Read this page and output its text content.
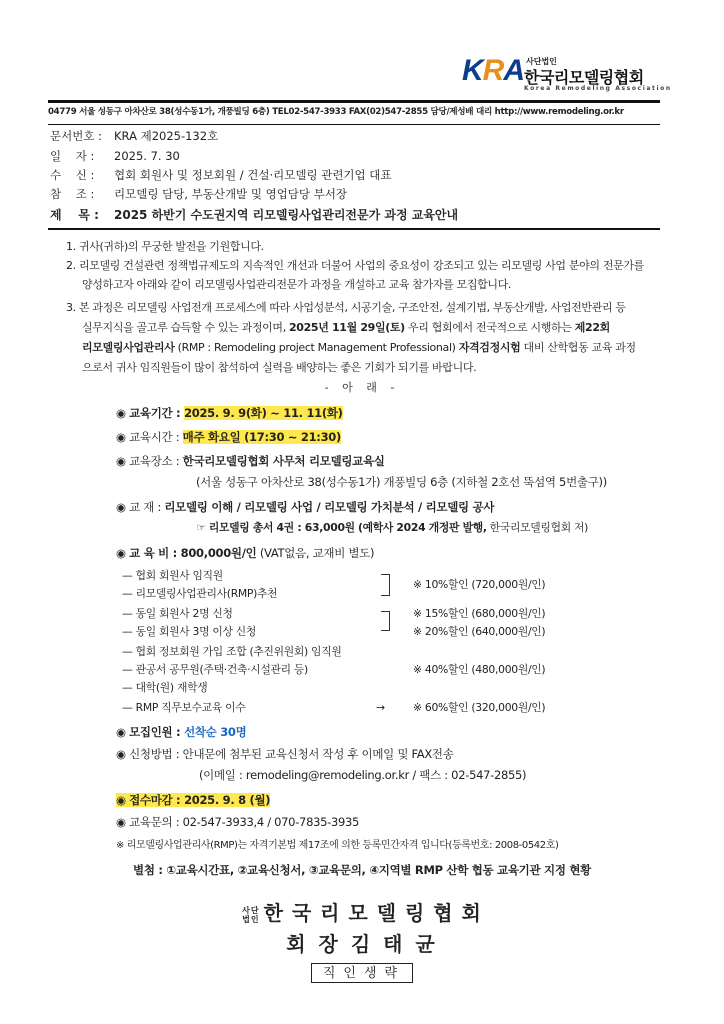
KRA 사단법인
한국리모델링협회
Korea Remodeling Association
04779 서울 성동구 아차산로 38(성수동1가, 개풍빌딩 6층) TEL02-547-3933 FAX(02)547-2855 담당/제성배 대리 http://www.remodeling.or.kr
문서번호 : KRA 제2025-132호
일    자 : 2025. 7. 30
수    신 : 협회 회원사 및 정보회원 / 건설·리모델링 관련기업 대표
참    조 : 리모델링 담당, 부동산개발 및 영업담당 부서장
제    목 : 2025 하반기 수도권지역 리모델링사업관리전문가 과정 교육안내
1. 귀사(귀하)의 무궁한 발전을 기원합니다.
2. 리모델링 건설관련 정책법규제도의 지속적인 개선과 더불어 사업의 중요성이 강조되고 있는 리모델링 사업 분야의 전문가를
양성하고자 아래와 같이 리모델링사업관리전문가 과정을 개설하고 교육 참가자를 모집합니다.
3. 본 과정은 리모델링 사업전개 프로세스에 따라 사업성분석, 시공기술, 구조안전, 설계기법, 부동산개발, 사업전반관리 등
실무지식을 골고루 습득할 수 있는 과정이며, 2025년 11월 29일(토) 우리 협회에서 전국적으로 시행하는 제22회
리모델링사업관리사 (RMP : Remodeling project Management Professional) 자격검정시험 대비 산학협동 교육 과정
으로서 귀사 임직원들이 많이 참석하여 실력을 배양하는 좋은 기회가 되기를 바랍니다.
- 아 래 -
◉ 교육기간 : 2025. 9. 9(화) ~ 11. 11(화)
◉ 교육시간 : 매주 화요일 (17:30 ~ 21:30)
◉ 교육장소 : 한국리모델링협회 사무처 리모델링교육실
(서울 성동구 아차산로 38(성수동1가) 개풍빌딩 6층 (지하철 2호선 뚝섬역 5번출구))
◉ 교 재 : 리모델링 이해 / 리모델링 사업 / 리모델링 가치분석 / 리모델링 공사
☞ 리모델링 총서 4권 : 63,000원 (예학사 2024 개정판 발행, 한국리모델링협회 저)
◉ 교 육 비 : 800,000원/인 (VAT없음, 교재비 별도)
— 협회 회원사 임직원
— 리모델링사업관리사(RMP)추천
※ 10%할인 (720,000원/인)
— 동일 회원사 2명 신청
— 동일 회원사 3명 이상 신청
※ 15%할인 (680,000원/인)
※ 20%할인 (640,000원/인)
— 협회 정보회원 가입 조합 (추진위원회) 임직원
— 관공서 공무원(주택·건축·시설관리 등)
— 대학(원) 재학생
※ 40%할인 (480,000원/인)
— RMP 직무보수교육 이수	→	※ 60%할인 (320,000원/인)
◉ 모집인원 : 선착순 30명
◉ 신청방법 : 안내문에 첨부된 교육신청서 작성 후 이메일 및 FAX전송
(이메일 : remodeling@remodeling.or.kr / 팩스 : 02-547-2855)
◉ 접수마감 : 2025. 9. 8 (월)
◉ 교육문의 : 02-547-3933,4 / 070-7835-3935
※ 리모델링사업관리사(RMP)는 자격기본법 제17조에 의한 등록민간자격 입니다(등록번호: 2008-0542호)
별첨 : ①교육시간표, ②교육신청서, ③교육문의, ④지역별 RMP 산학 협동 교육기관 지정 현황
사단
법인 한 국 리 모 델 링 협 회
회 장 김 태 균
직인생략
